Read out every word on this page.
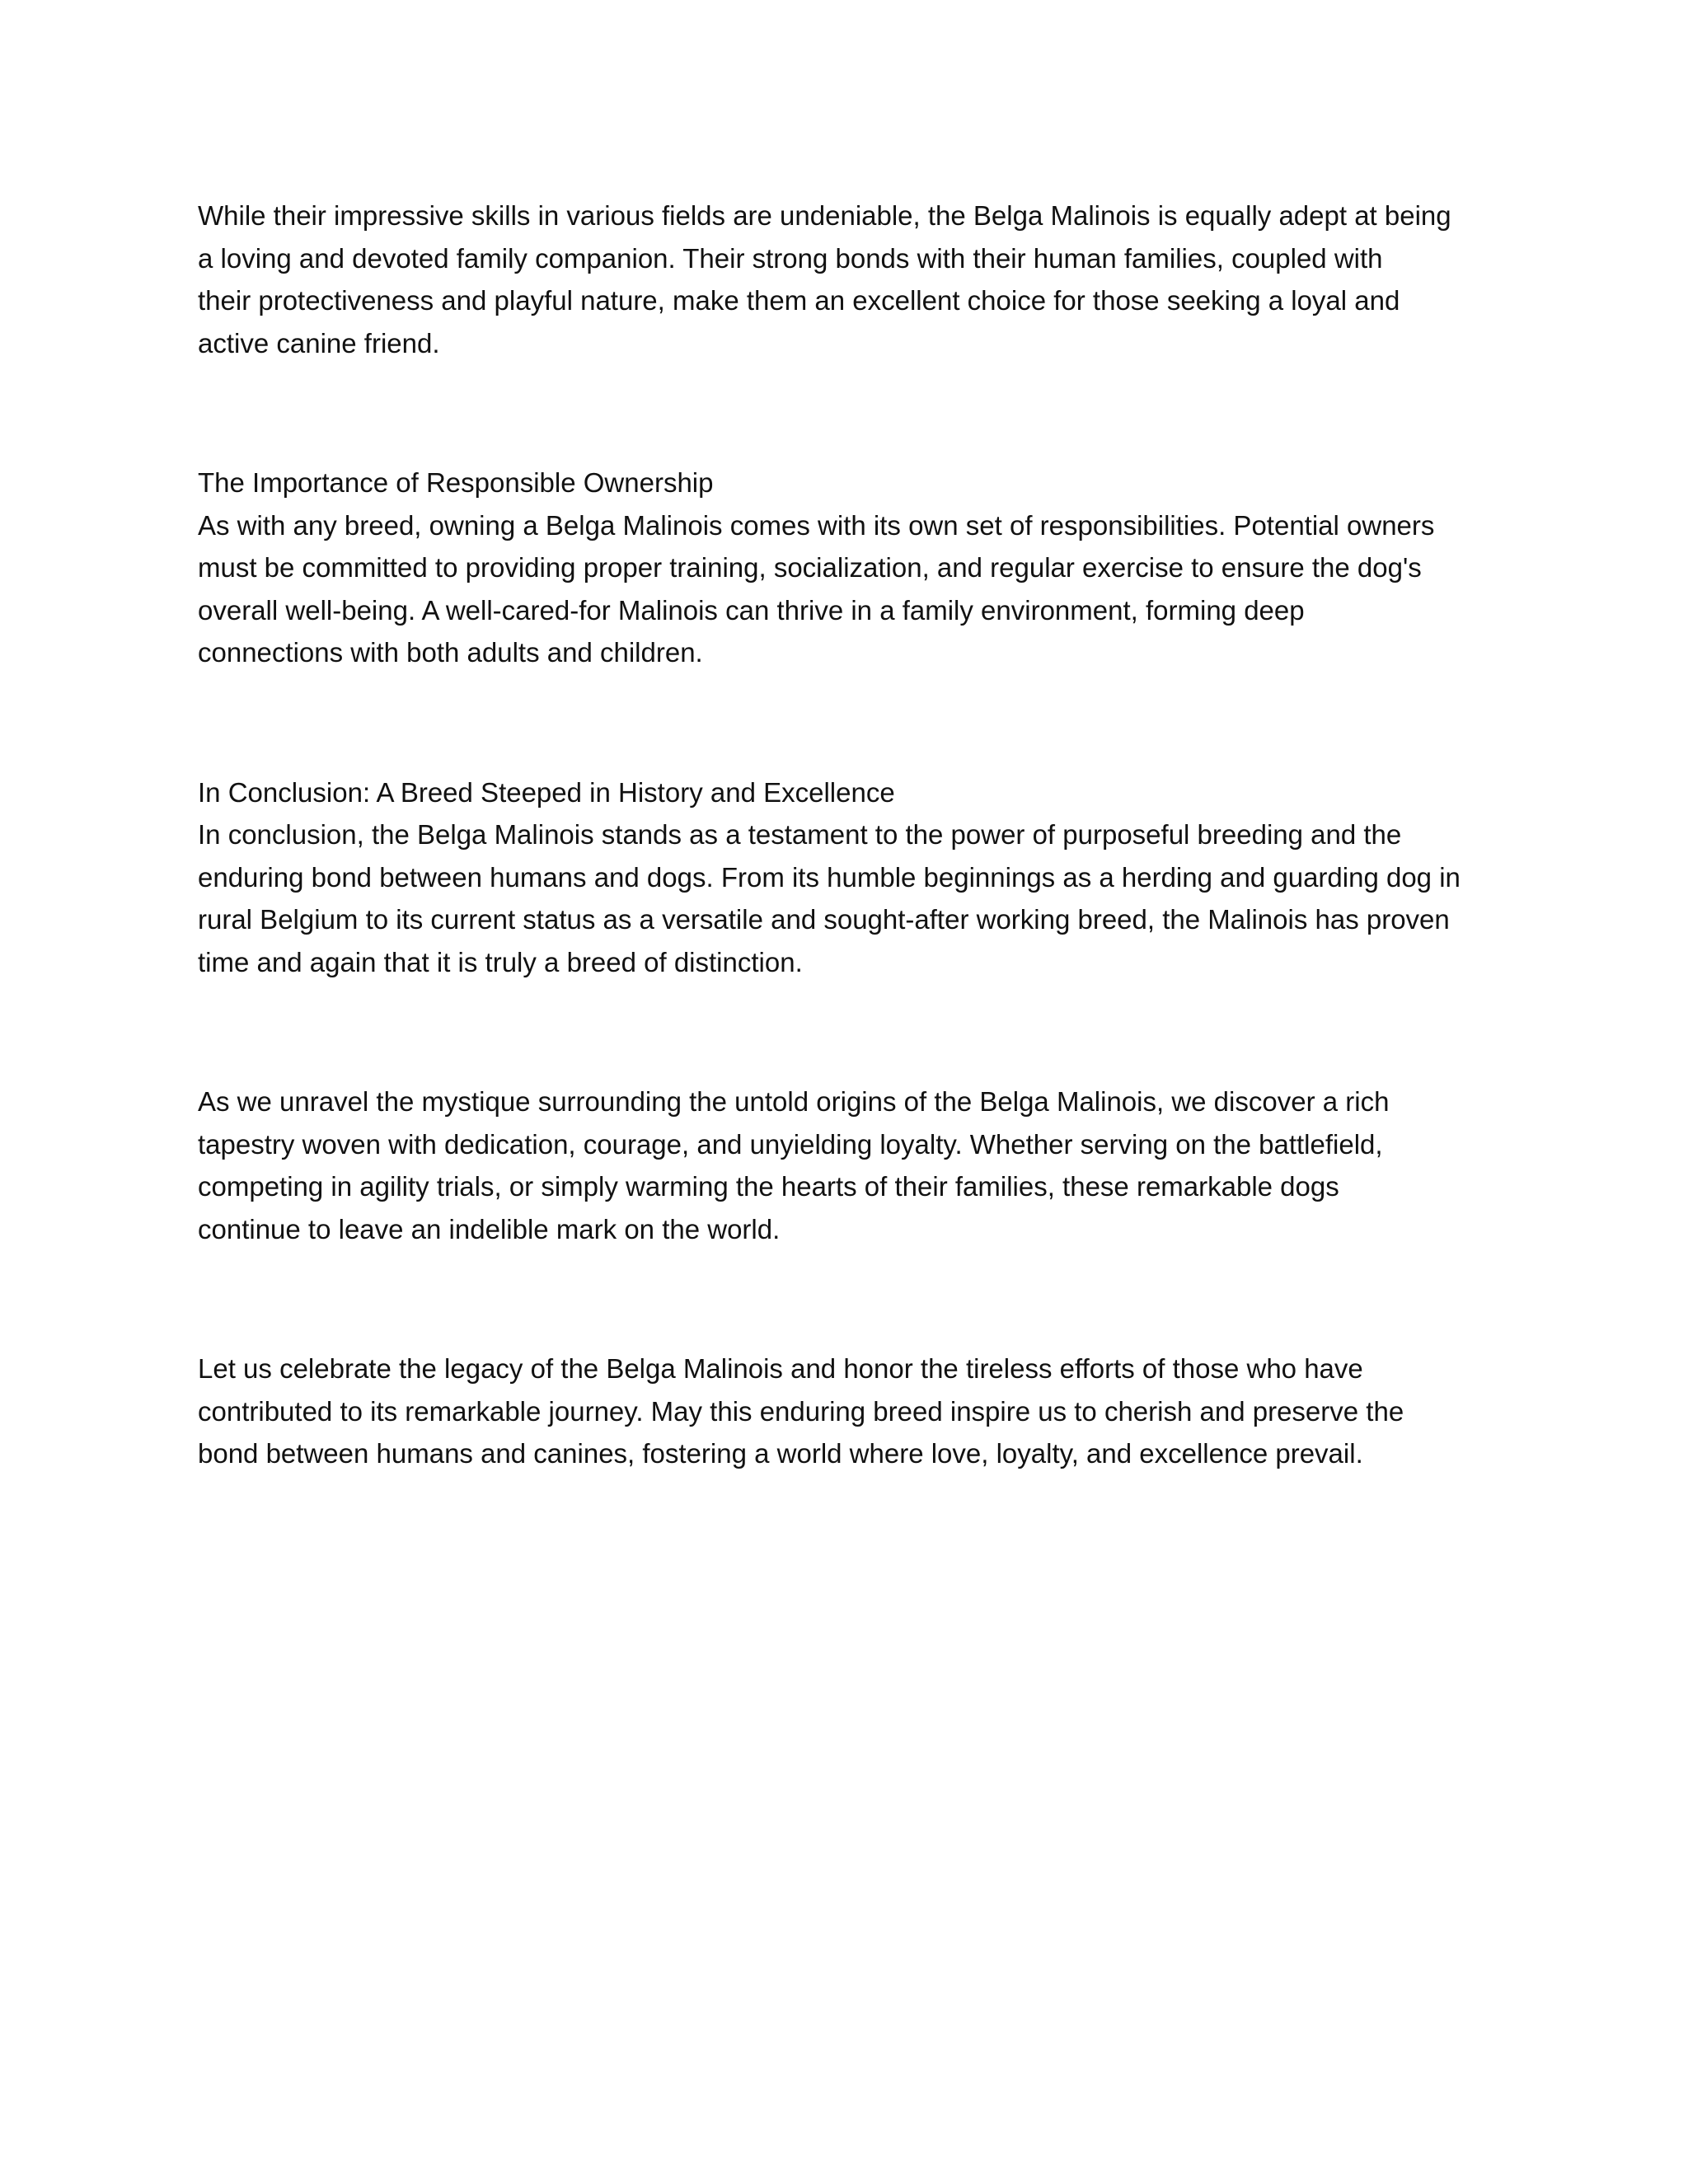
While their impressive skills in various fields are undeniable, the Belga Malinois is equally adept at being
a loving and devoted family companion. Their strong bonds with their human families, coupled with
their protectiveness and playful nature, make them an excellent choice for those seeking a loyal and
active canine friend.

The Importance of Responsible Ownership

As with any breed, owning a Belga Malinois comes with its own set of responsibilities. Potential owners
must be committed to providing proper training, socialization, and regular exercise to ensure the dog's
overall well-being. A well-cared-for Malinois can thrive in a family environment, forming deep
connections with both adults and children.

In Conclusion: A Breed Steeped in History and Excellence

In conclusion, the Belga Malinois stands as a testament to the power of purposeful breeding and the
enduring bond between humans and dogs. From its humble beginnings as a herding and guarding dog in
rural Belgium to its current status as a versatile and sought-after working breed, the Malinois has proven
time and again that it is truly a breed of distinction.

As we unravel the mystique surrounding the untold origins of the Belga Malinois, we discover a rich
tapestry woven with dedication, courage, and unyielding loyalty. Whether serving on the battlefield,
competing in agility trials, or simply warming the hearts of their families, these remarkable dogs
continue to leave an indelible mark on the world.

Let us celebrate the legacy of the Belga Malinois and honor the tireless efforts of those who have
contributed to its remarkable journey. May this enduring breed inspire us to cherish and preserve the
bond between humans and canines, fostering a world where love, loyalty, and excellence prevail.
